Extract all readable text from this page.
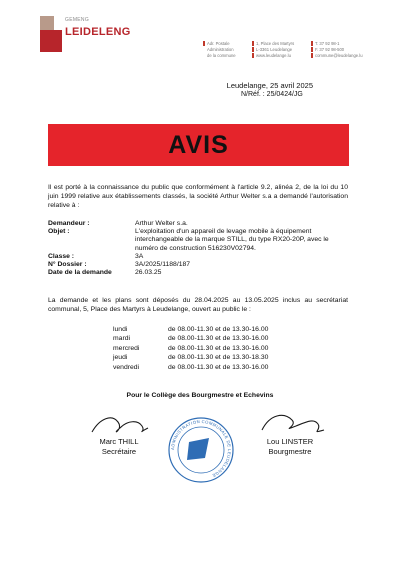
GEMENG
LEIDELENG
Adr. Postale
Administration
de la commune
1, Place des Martyrs
L-3361 Leudelange
www.leudelange.lu
T. 37 92 98-1
F. 37 92 98-500
commune@leudelange.lu
Leudelange, 25 avril 2025
N/Réf. : 25/0424/JG
AVIS
Il est porté à la connaissance du public que conformément à l'article 9.2, alinéa 2, de la loi du 10 juin 1999 relative aux établissements classés, la société Arthur Welter s.a a demandé l'autorisation relative à :
Demandeur :	Arthur Welter s.a.
Objet :	L'exploitation d'un appareil de levage mobile à équipement interchangeable de la marque STILL, du type RX20-20P, avec le numéro de construction 516230V02794.
Classe :	3A
N° Dossier :	3A/2025/1188/187
Date de la demande	26.03.25
La demande et les plans sont déposés du 28.04.2025 au 13.05.2025 inclus au secrétariat communal, 5, Place des Martyrs à Leudelange, ouvert au public le :
lundi	de 08.00-11.30 et de 13.30-16.00
mardi	de 08.00-11.30 et de 13.30-16.00
mercredi	de 08.00-11.30 et de 13.30-16.00
jeudi	de 08.00-11.30 et de 13.30-18.30
vendredi	de 08.00-11.30 et de 13.30-16.00
Pour le Collège des Bourgmestre et Echevins
ADMINISTRATION COMMUNALE DE LEUDELANGE
Marc THILL
Secrétaire
Lou LINSTER
Bourgmestre
